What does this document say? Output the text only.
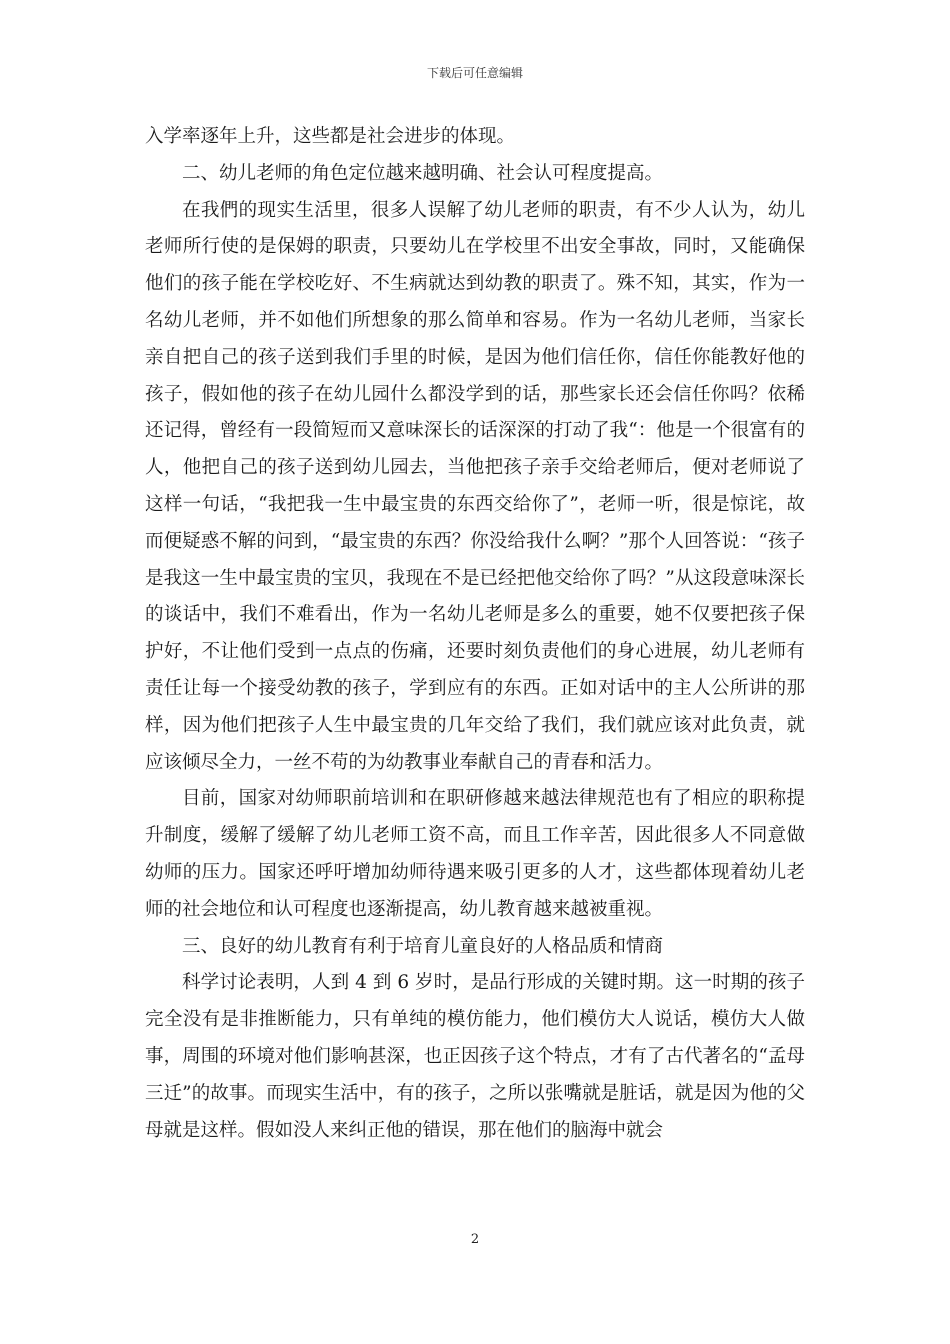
下载后可任意编辑

入学率逐年上升，这些都是社会进步的体现。

二、幼儿老师的角色定位越来越明确、社会认可程度提高。

在我們的现实生活里，很多人误解了幼儿老师的职责，有不少人认为，幼儿老师所行使的是保姆的职责，只要幼儿在学校里不出安全事故，同时，又能确保他们的孩子能在学校吃好、不生病就达到幼教的职责了。殊不知，其实，作为一名幼儿老师，并不如他们所想象的那么简单和容易。作为一名幼儿老师，当家长亲自把自己的孩子送到我们手里的时候，是因为他们信任你，信任你能教好他的孩子，假如他的孩子在幼儿园什么都没学到的话，那些家长还会信任你吗？依稀还记得，曾经有一段简短而又意味深长的话深深的打动了我“：他是一个很富有的人，他把自己的孩子送到幼儿园去，当他把孩子亲手交给老师后，便对老师说了这样一句话，“我把我一生中最宝贵的东西交给你了”，老师一听，很是惊诧，故而便疑惑不解的问到，“最宝贵的东西？你没给我什么啊？”那个人回答说：“孩子是我这一生中最宝贵的宝贝，我现在不是已经把他交给你了吗？”从这段意味深长的谈话中，我们不难看出，作为一名幼儿老师是多么的重要，她不仅要把孩子保护好，不让他们受到一点点的伤痛，还要时刻负责他们的身心进展，幼儿老师有责任让每一个接受幼教的孩子，学到应有的东西。正如对话中的主人公所讲的那样，因为他们把孩子人生中最宝贵的几年交给了我们，我们就应该对此负责，就应该倾尽全力，一丝不苟的为幼教事业奉献自己的青春和活力。

目前，国家对幼师职前培训和在职研修越来越法律规范也有了相应的职称提升制度，缓解了缓解了幼儿老师工资不高，而且工作辛苦，因此很多人不同意做幼师的压力。国家还呼吁增加幼师待遇来吸引更多的人才，这些都体现着幼儿老师的社会地位和认可程度也逐渐提高，幼儿教育越来越被重视。

三、良好的幼儿教育有利于培育儿童良好的人格品质和情商

科学讨论表明，人到 4 到 6 岁时，是品行形成的关键时期。这一时期的孩子完全没有是非推断能力，只有单纯的模仿能力，他们模仿大人说话，模仿大人做事，周围的环境对他们影响甚深，也正因孩子这个特点，才有了古代著名的“孟母三迁”的故事。而现实生活中，有的孩子，之所以张嘴就是脏话，就是因为他的父母就是这样。假如没人来纠正他的错误，那在他们的脑海中就会

2
